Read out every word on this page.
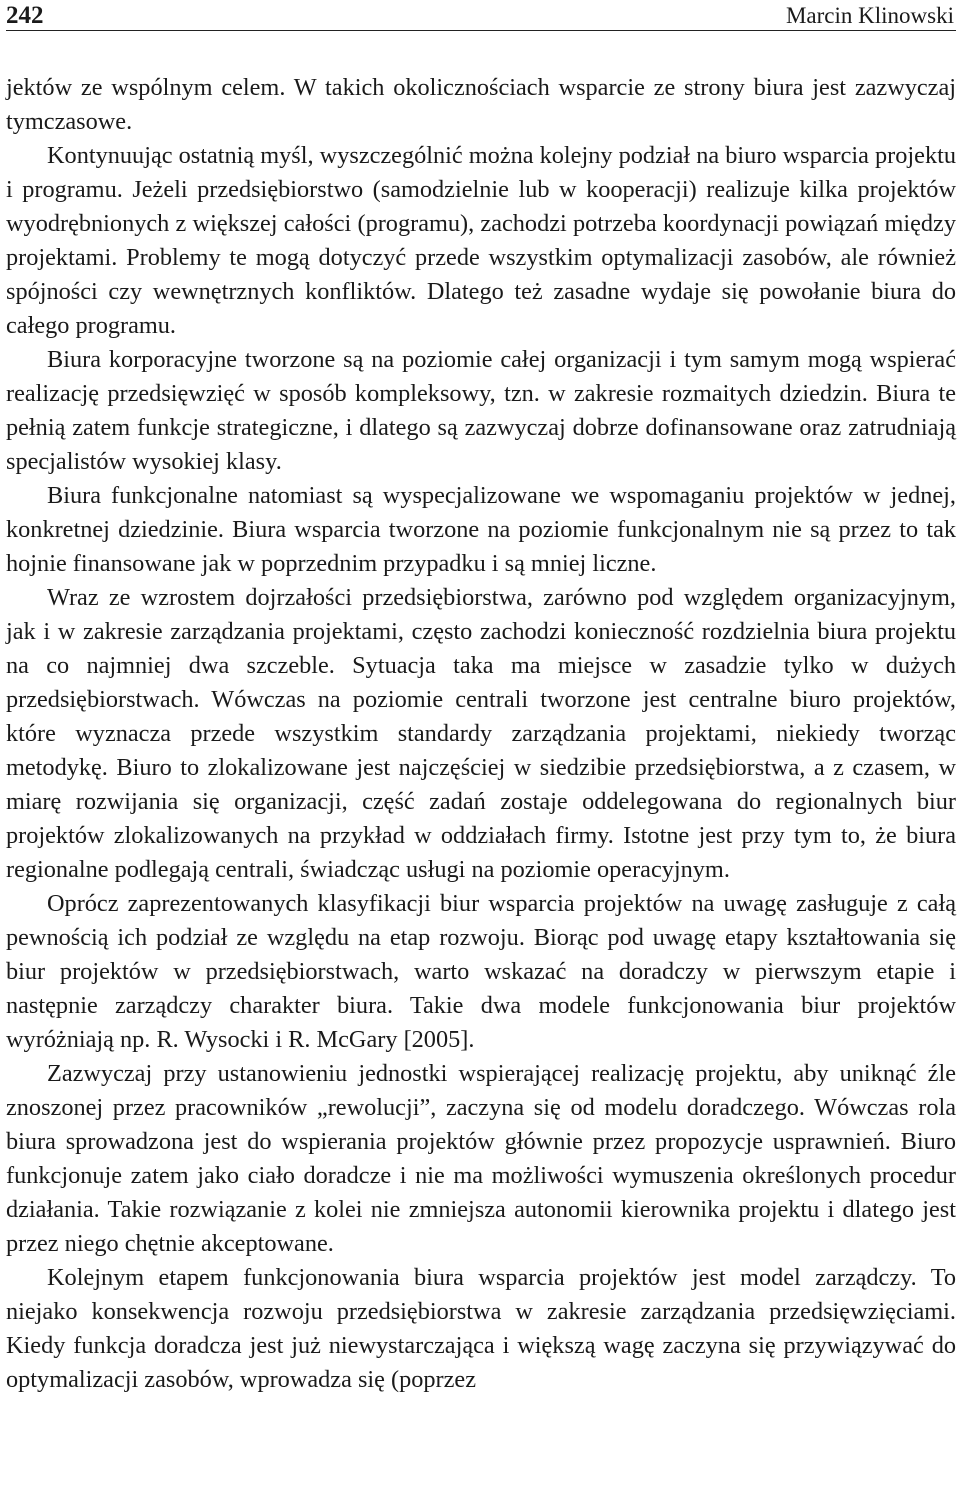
242	Marcin Klinowski

jektów ze wspólnym celem. W takich okolicznościach wsparcie ze strony biura jest zazwyczaj tymczasowe.

Kontynuując ostatnią myśl, wyszczególnić można kolejny podział na biuro wsparcia projektu i programu. Jeżeli przedsiębiorstwo (samodzielnie lub w kooperacji) realizuje kilka projektów wyodrębnionych z większej całości (programu), zachodzi potrzeba koordynacji powiązań między projektami. Problemy te mogą dotyczyć przede wszystkim optymalizacji zasobów, ale również spójności czy wewnętrznych konfliktów. Dlatego też zasadne wydaje się powołanie biura do całego programu.

Biura korporacyjne tworzone są na poziomie całej organizacji i tym samym mogą wspierać realizację przedsięwzięć w sposób kompleksowy, tzn. w zakresie rozmaitych dziedzin. Biura te pełnią zatem funkcje strategiczne, i dlatego są zazwyczaj dobrze dofinansowane oraz zatrudniają specjalistów wysokiej klasy.

Biura funkcjonalne natomiast są wyspecjalizowane we wspomaganiu projektów w jednej, konkretnej dziedzinie. Biura wsparcia tworzone na poziomie funkcjonalnym nie są przez to tak hojnie finansowane jak w poprzednim przypadku i są mniej liczne.

Wraz ze wzrostem dojrzałości przedsiębiorstwa, zarówno pod względem organizacyjnym, jak i w zakresie zarządzania projektami, często zachodzi konieczność rozdzielnia biura projektu na co najmniej dwa szczeble. Sytuacja taka ma miejsce w zasadzie tylko w dużych przedsiębiorstwach. Wówczas na poziomie centrali tworzone jest centralne biuro projektów, które wyznacza przede wszystkim standardy zarządzania projektami, niekiedy tworząc metodykę. Biuro to zlokalizowane jest najczęściej w siedzibie przedsiębiorstwa, a z czasem, w miarę rozwijania się organizacji, część zadań zostaje oddelegowana do regionalnych biur projektów zlokalizowanych na przykład w oddziałach firmy. Istotne jest przy tym to, że biura regionalne podlegają centrali, świadcząc usługi na poziomie operacyjnym.

Oprócz zaprezentowanych klasyfikacji biur wsparcia projektów na uwagę zasługuje z całą pewnością ich podział ze względu na etap rozwoju. Biorąc pod uwagę etapy kształtowania się biur projektów w przedsiębiorstwach, warto wskazać na doradczy w pierwszym etapie i następnie zarządczy charakter biura. Takie dwa modele funkcjonowania biur projektów wyróżniają np. R. Wysocki i R. McGary [2005].

Zazwyczaj przy ustanowieniu jednostki wspierającej realizację projektu, aby uniknąć źle znoszonej przez pracowników „rewolucji”, zaczyna się od modelu doradczego. Wówczas rola biura sprowadzona jest do wspierania projektów głównie przez propozycje usprawnień. Biuro funkcjonuje zatem jako ciało doradcze i nie ma możliwości wymuszenia określonych procedur działania. Takie rozwiązanie z kolei nie zmniejsza autonomii kierownika projektu i dlatego jest przez niego chętnie akceptowane.

Kolejnym etapem funkcjonowania biura wsparcia projektów jest model zarządczy. To niejako konsekwencja rozwoju przedsiębiorstwa w zakresie zarządzania przedsięwzięciami. Kiedy funkcja doradcza jest już niewystarczająca i większą wagę zaczyna się przywiązywać do optymalizacji zasobów, wprowadza się (poprzez
